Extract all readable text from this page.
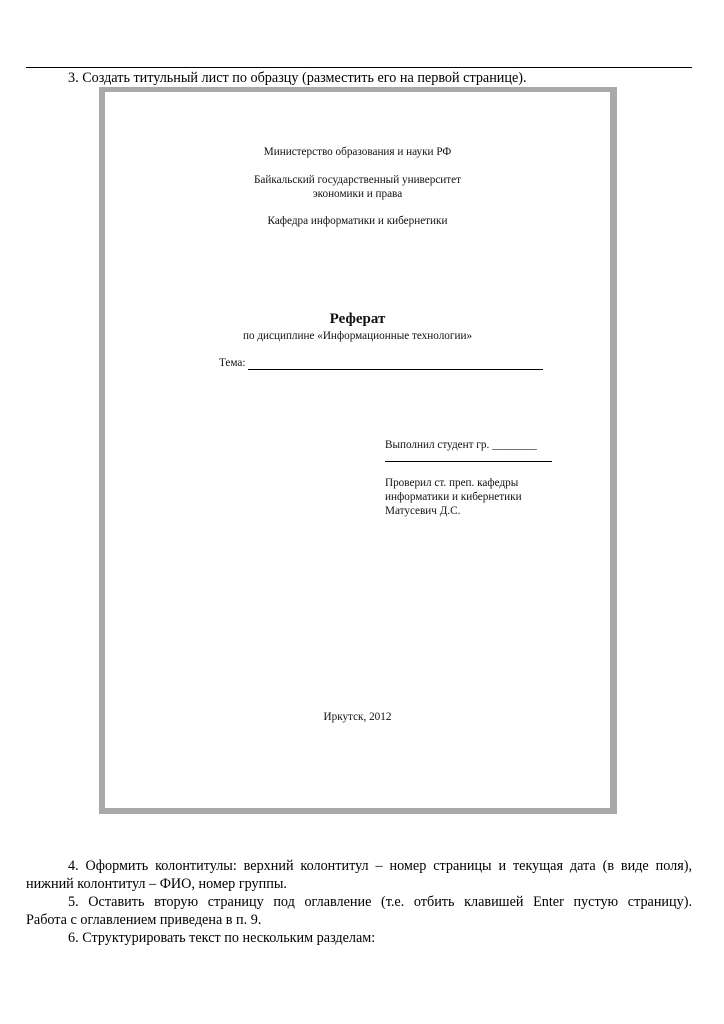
3. Создать титульный лист по образцу (разместить его на первой странице).
Министерство образования и науки РФ
Байкальский государственный университет
экономики и права
Кафедра информатики и кибернетики
Реферат
по дисциплине «Информационные технологии»
Тема:
Выполнил студент гр. ________
Проверил ст. преп. кафедры
информатики и кибернетики
Матусевич Д.С.
Иркутск, 2012
4. Оформить колонтитулы: верхний колонтитул – номер страницы и текущая дата (в виде поля),
нижний колонтитул – ФИО, номер группы.
5. Оставить вторую страницу под оглавление (т.е. отбить клавишей Enter пустую страницу).
Работа с оглавлением приведена в п. 9.
6. Структурировать текст по нескольким разделам:
